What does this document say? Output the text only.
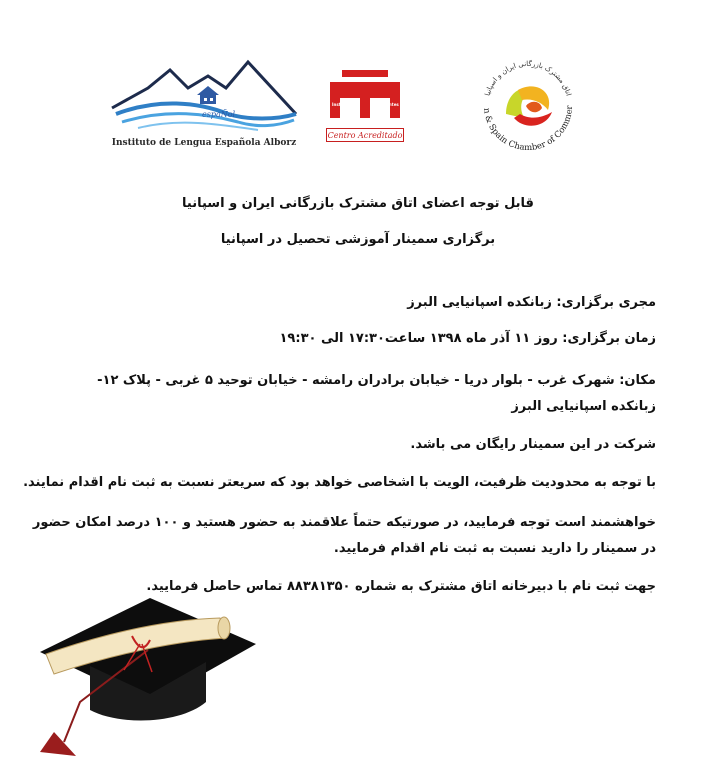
espaÑol
Instituto de Lengua Española Alborz
Instituto	Cervantes
Centro Acreditado
اتاق مشترک بازرگانی ایران و اسپانیا
n & Spain Chamber of Commer
قابل توجه اعضای اتاق مشترک بازرگانی ایران و اسپانیا
برگزاری سمینار آموزشی تحصیل در اسپانیا
مجری برگزاری: زبانکده اسپانیایی البرز
زمان برگزاری: روز ۱۱ آذر ماه ۱۳۹۸ ساعت۱۷:۳۰ الی ۱۹:۳۰
مکان: شهرک غرب - بلوار دریا - خیابان برادران رامشه - خیابان توحید ۵ غربی - پلاک ۱۲-
زبانکده اسپانیایی البرز
شرکت در این سمینار رایگان می باشد.
با توجه به محدودیت ظرفیت، الویت با اشخاصی خواهد بود که سریعتر نسبت به ثبت نام اقدام نمایند.
خواهشمند است توجه فرمایید، در صورتیکه حتماً علاقمند به حضور هستید و ۱۰۰ درصد امکان حضور
در سمینار را دارید نسبت به ثبت نام اقدام فرمایید.
جهت ثبت نام با دبیرخانه اتاق مشترک به شماره ۸۸۳۸۱۳۵۰ تماس حاصل فرمایید.
